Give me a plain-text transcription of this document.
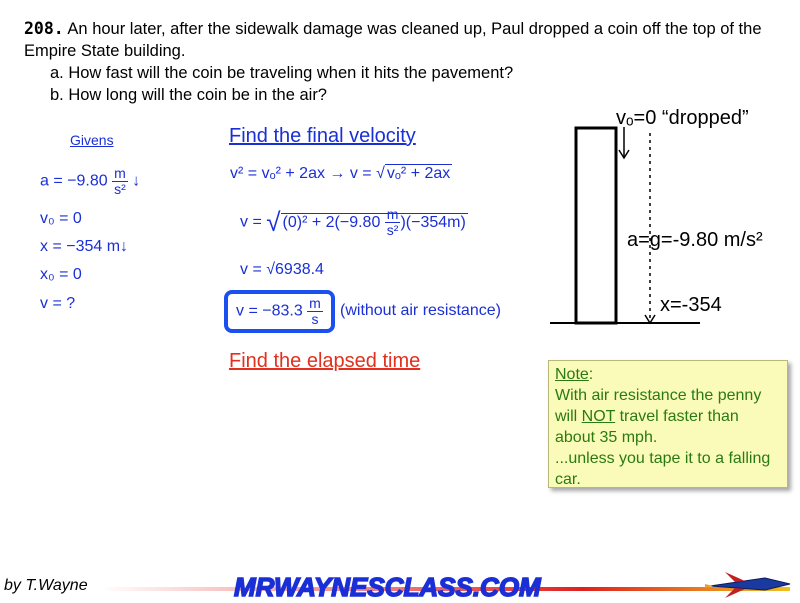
208. An hour later, after the sidewalk damage was cleaned up, Paul dropped a coin off the top of the Empire State building.
a. How fast will the coin be traveling when it hits the pavement?
b. How long will the coin be in the air?
Givens
$a = -9.80 \frac{m}{\text{s²}}$ ↓
v₀ = 0
x = −354 m↓
x₀ = 0
v = ?
Find the final velocity
v² = vₒ² + 2ax → v = √ vₒ² + 2ax
v = √ $(0)^2 + 2(-9.80 \frac{m}{\text{s²}} )(-354m)$
v = √6938.4
$v = -83.3 \frac{m}{s}$ (without air resistance)
Find the elapsed time
vₒ=0 “dropped”
a=g=-9.80 m/s²
x=-354
Note:
With air resistance the penny will NOT travel faster than about 35 mph.
...unless you tape it to a falling car.
by T.Wayne	MRWAYNESCLASS.COM
